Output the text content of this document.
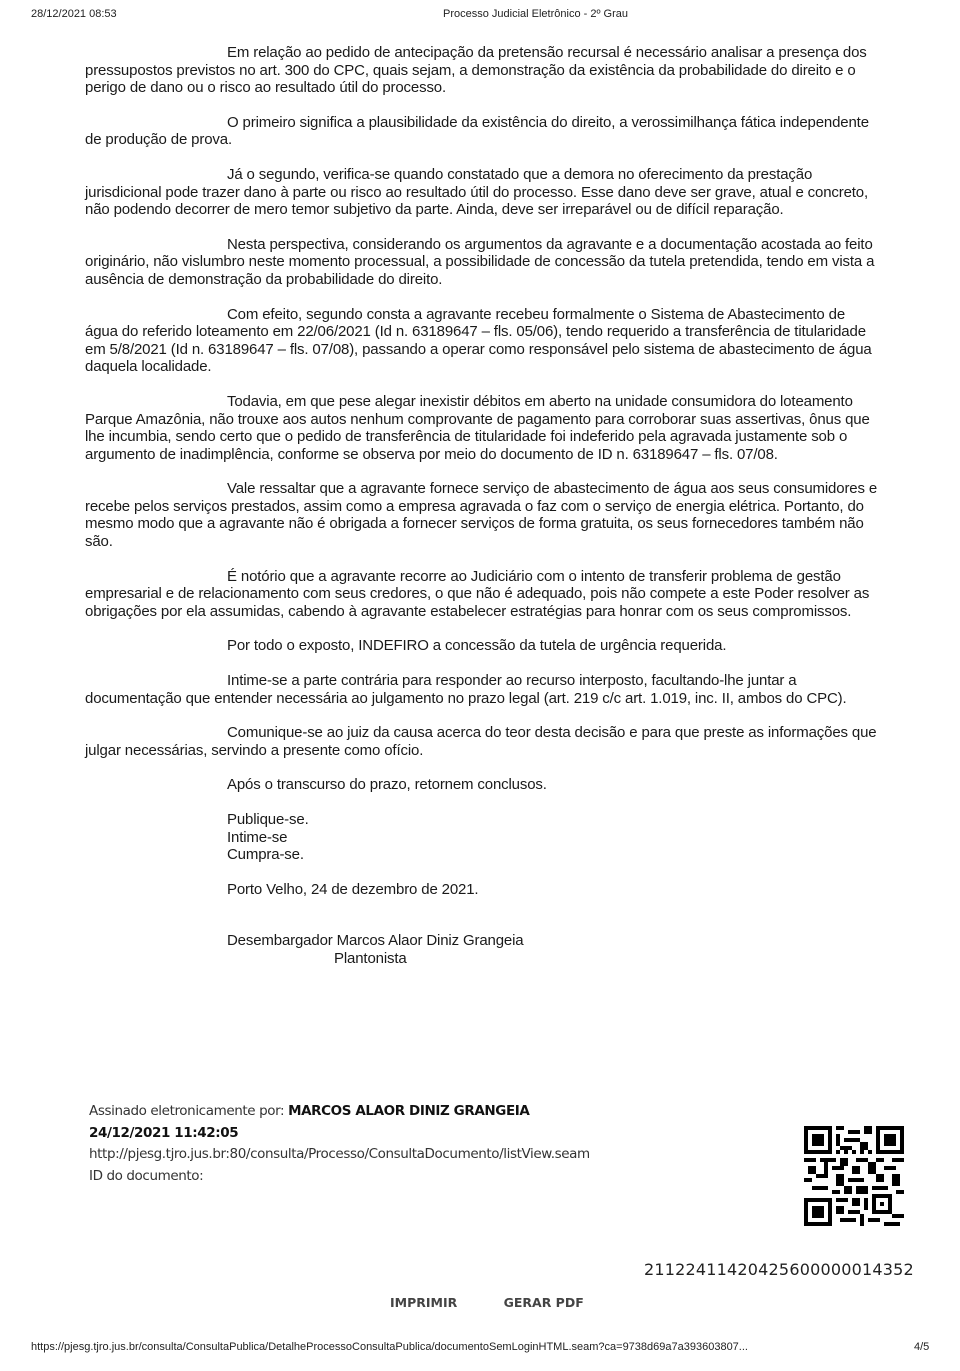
28/12/2021 08:53	Processo Judicial Eletrônico - 2º Grau

Em relação ao pedido de antecipação da pretensão recursal é necessário analisar a presença dos pressupostos previstos no art. 300 do CPC, quais sejam, a demonstração da existência da probabilidade do direito e o perigo de dano ou o risco ao resultado útil do processo.

O primeiro significa a plausibilidade da existência do direito, a verossimilhança fática independente de produção de prova.

Já o segundo, verifica-se quando constatado que a demora no oferecimento da prestação jurisdicional pode trazer dano à parte ou risco ao resultado útil do processo. Esse dano deve ser grave, atual e concreto, não podendo decorrer de mero temor subjetivo da parte. Ainda, deve ser irreparável ou de difícil reparação.

Nesta perspectiva, considerando os argumentos da agravante e a documentação acostada ao feito originário, não vislumbro neste momento processual, a possibilidade de concessão da tutela pretendida, tendo em vista a ausência de demonstração da probabilidade do direito.

Com efeito, segundo consta a agravante recebeu formalmente o Sistema de Abastecimento de água do referido loteamento em 22/06/2021 (Id n. 63189647 – fls. 05/06), tendo requerido a transferência de titularidade em 5/8/2021 (Id n. 63189647 – fls. 07/08), passando a operar como responsável pelo sistema de abastecimento de água daquela localidade.

Todavia, em que pese alegar inexistir débitos em aberto na unidade consumidora do loteamento Parque Amazônia, não trouxe aos autos nenhum comprovante de pagamento para corroborar suas assertivas, ônus que lhe incumbia, sendo certo que o pedido de transferência de titularidade foi indeferido pela agravada justamente sob o argumento de inadimplência, conforme se observa por meio do documento de ID n. 63189647 – fls. 07/08.

Vale ressaltar que a agravante fornece serviço de abastecimento de água aos seus consumidores e recebe pelos serviços prestados, assim como a empresa agravada o faz com o serviço de energia elétrica. Portanto, do mesmo modo que a agravante não é obrigada a fornecer serviços de forma gratuita, os seus fornecedores também não são.

É notório que a agravante recorre ao Judiciário com o intento de transferir problema de gestão empresarial e de relacionamento com seus credores, o que não é adequado, pois não compete a este Poder resolver as obrigações por ela assumidas, cabendo à agravante estabelecer estratégias para honrar com os seus compromissos.

Por todo o exposto, INDEFIRO a concessão da tutela de urgência requerida.

Intime-se a parte contrária para responder ao recurso interposto, facultando-lhe juntar a documentação que entender necessária ao julgamento no prazo legal (art. 219 c/c art. 1.019, inc. II, ambos do CPC).

Comunique-se ao juiz da causa acerca do teor desta decisão e para que preste as informações que julgar necessárias, servindo a presente como ofício.

Após o transcurso do prazo, retornem conclusos.

Publique-se.
Intime-se
Cumpra-se.
Porto Velho, 24 de dezembro de 2021.
Desembargador Marcos Alaor Diniz Grangeia
Plantonista
Assinado eletronicamente por: MARCOS ALAOR DINIZ GRANGEIA
24/12/2021 11:42:05
http://pjesg.tjro.jus.br:80/consulta/Processo/ConsultaDocumento/listView.seam
ID do documento:
21122411420425600000014352
IMPRIMIR	GERAR PDF
https://pjesg.tjro.jus.br/consulta/ConsultaPublica/DetalheProcessoConsultaPublica/documentoSemLoginHTML.seam?ca=9738d69a7a393603807...	4/5
